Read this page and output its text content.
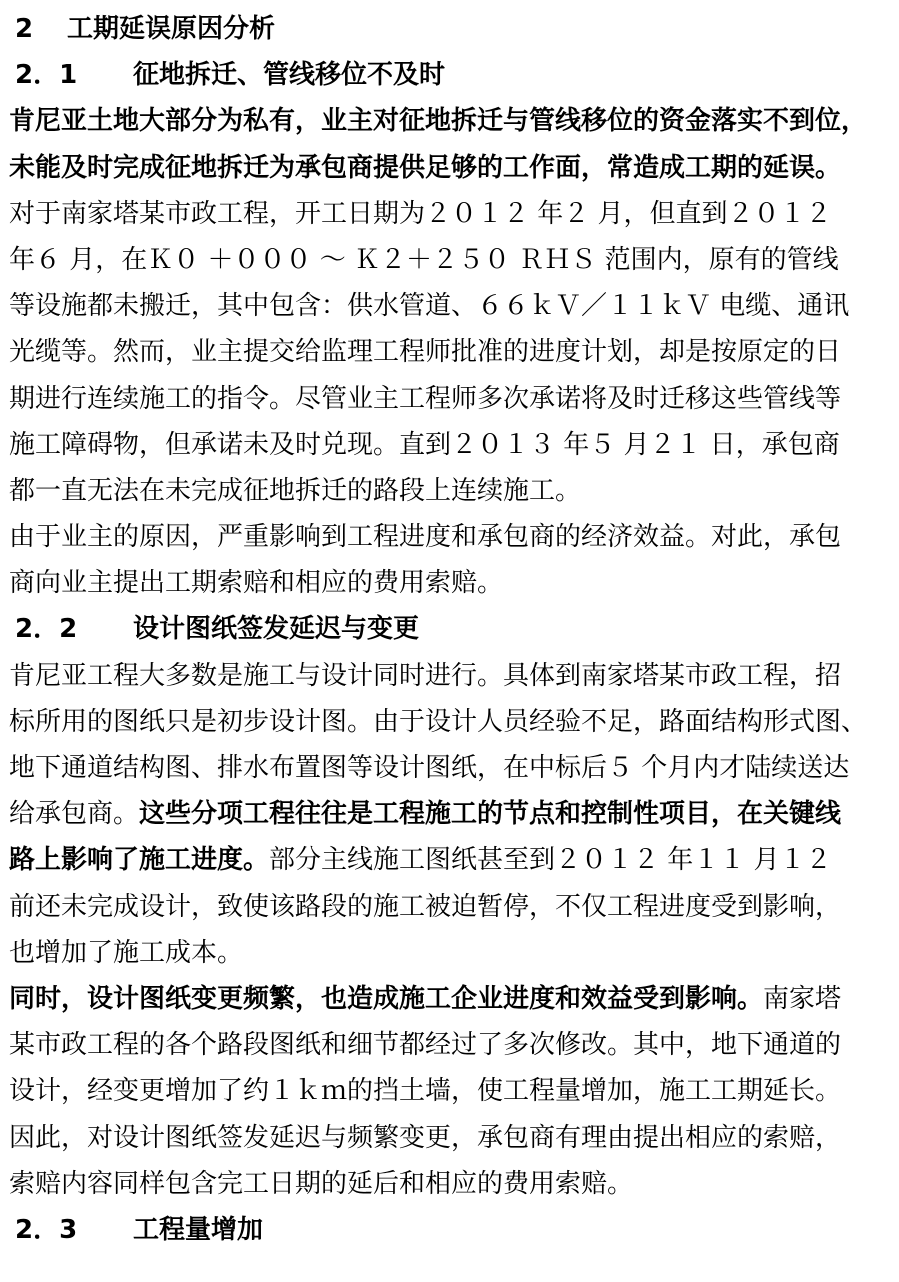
2 工期延误原因分析
2．1 征地拆迁、管线移位不及时
肯尼亚土地大部分为私有，业主对征地拆迁与管线移位的资金落实不到位，
未能及时完成征地拆迁为承包商提供足够的工作面，常造成工期的延误。
对于南家塔某市政工程，开工日期为２０１２ 年２ 月，但直到２０１２
年６ 月，在Ｋ０ ＋０００ ～ Ｋ２＋２５０ ＲＨＳ 范围内，原有的管线
等设施都未搬迁，其中包含：供水管道、６６ｋＶ／１１ｋＶ 电缆、通讯
光缆等。然而，业主提交给监理工程师批准的进度计划，却是按原定的日
期进行连续施工的指令。尽管业主工程师多次承诺将及时迁移这些管线等
施工障碍物，但承诺未及时兑现。直到２０１３ 年５ 月２１ 日，承包商
都一直无法在未完成征地拆迁的路段上连续施工。
由于业主的原因，严重影响到工程进度和承包商的经济效益。对此，承包
商向业主提出工期索赔和相应的费用索赔。
2．2 设计图纸签发延迟与变更
肯尼亚工程大多数是施工与设计同时进行。具体到南家塔某市政工程，招
标所用的图纸只是初步设计图。由于设计人员经验不足，路面结构形式图、
地下通道结构图、排水布置图等设计图纸，在中标后５ 个月内才陆续送达
给承包商。这些分项工程往往是工程施工的节点和控制性项目，在关键线
路上影响了施工进度。部分主线施工图纸甚至到２０１２ 年１１ 月１２
前还未完成设计，致使该路段的施工被迫暂停，不仅工程进度受到影响，
也增加了施工成本。
同时，设计图纸变更频繁，也造成施工企业进度和效益受到影响。南家塔
某市政工程的各个路段图纸和细节都经过了多次修改。其中，地下通道的
设计，经变更增加了约１ｋｍ的挡土墙，使工程量增加，施工工期延长。
因此，对设计图纸签发延迟与频繁变更，承包商有理由提出相应的索赔，
索赔内容同样包含完工日期的延后和相应的费用索赔。
2．3 工程量增加
